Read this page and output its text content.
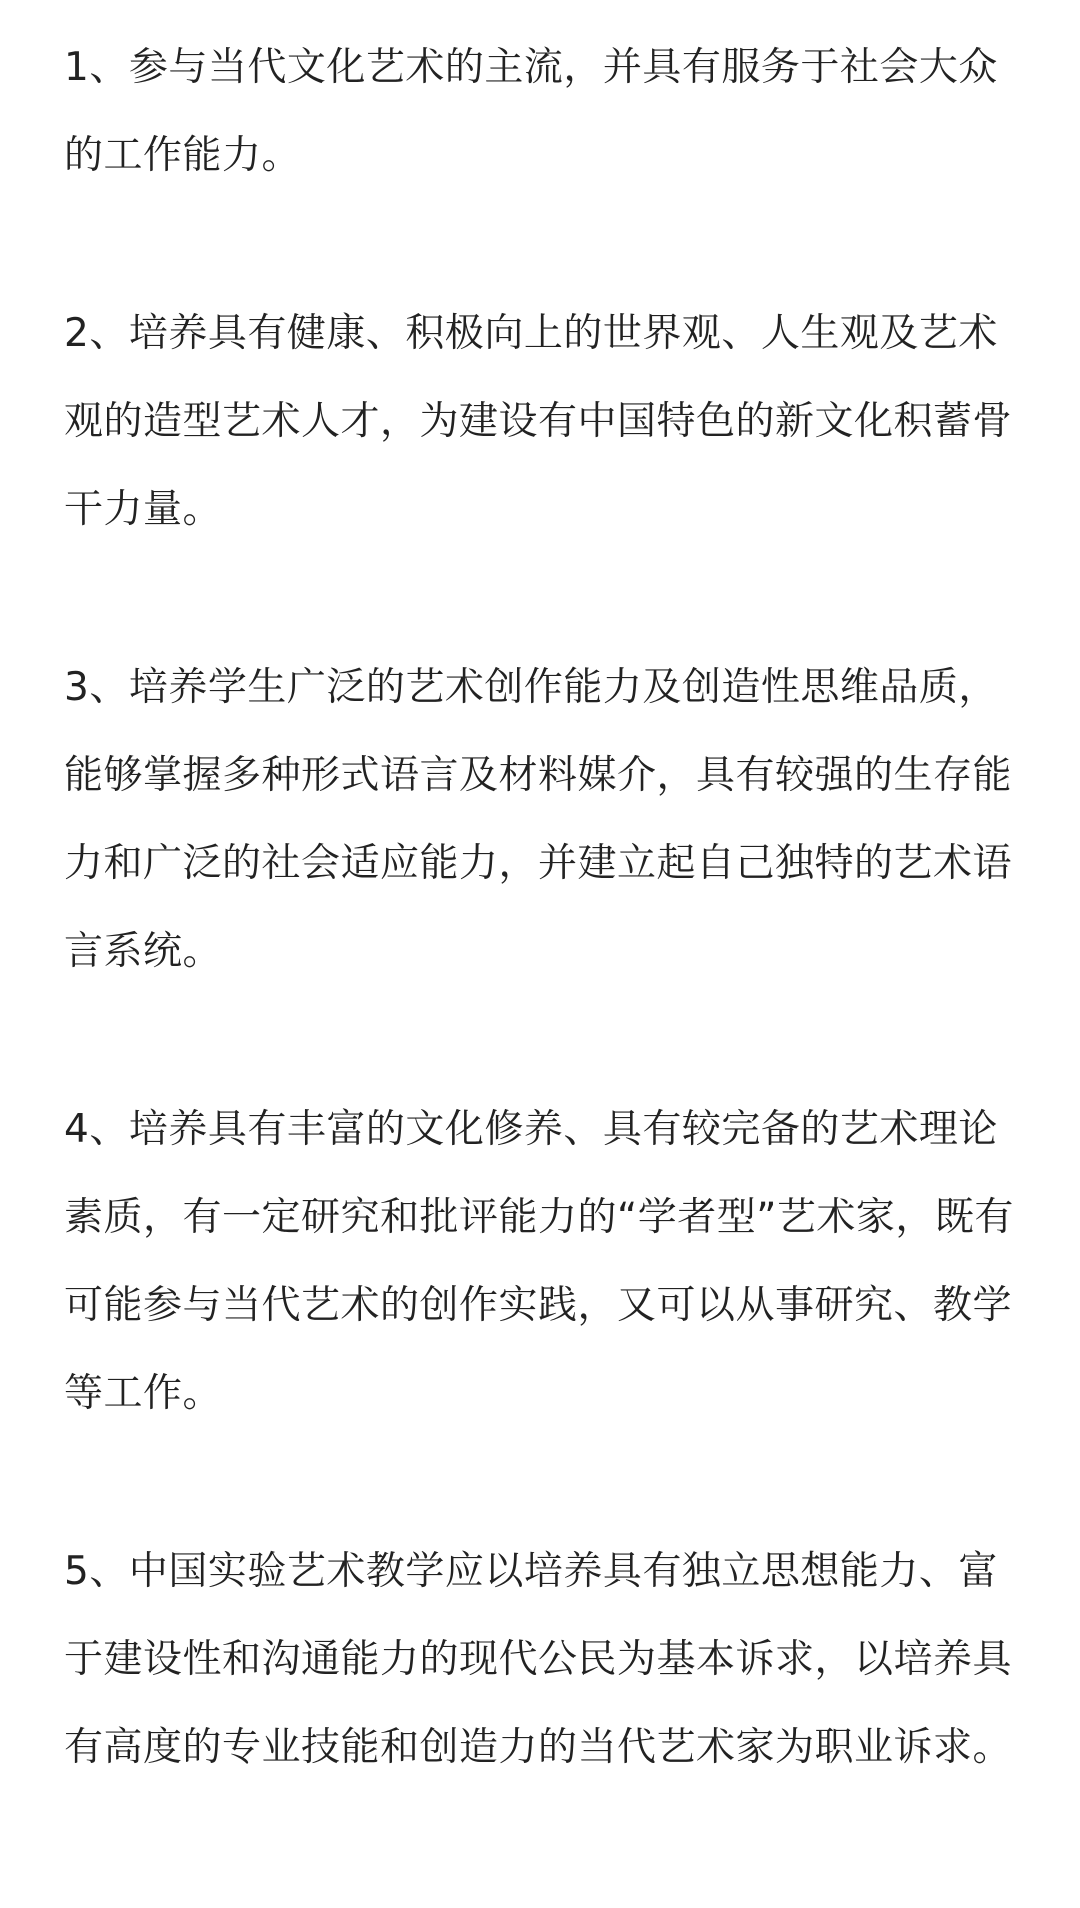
1、参与当代文化艺术的主流，并具有服务于社会大众的工作能力。

2、培养具有健康、积极向上的世界观、人生观及艺术观的造型艺术人才，为建设有中国特色的新文化积蓄骨干力量。

3、培养学生广泛的艺术创作能力及创造性思维品质，能够掌握多种形式语言及材料媒介，具有较强的生存能力和广泛的社会适应能力，并建立起自己独特的艺术语言系统。

4、培养具有丰富的文化修养、具有较完备的艺术理论素质，有一定研究和批评能力的“学者型”艺术家，既有可能参与当代艺术的创作实践，又可以从事研究、教学等工作。

5、中国实验艺术教学应以培养具有独立思想能力、富于建设性和沟通能力的现代公民为基本诉求，以培养具有高度的专业技能和创造力的当代艺术家为职业诉求。
